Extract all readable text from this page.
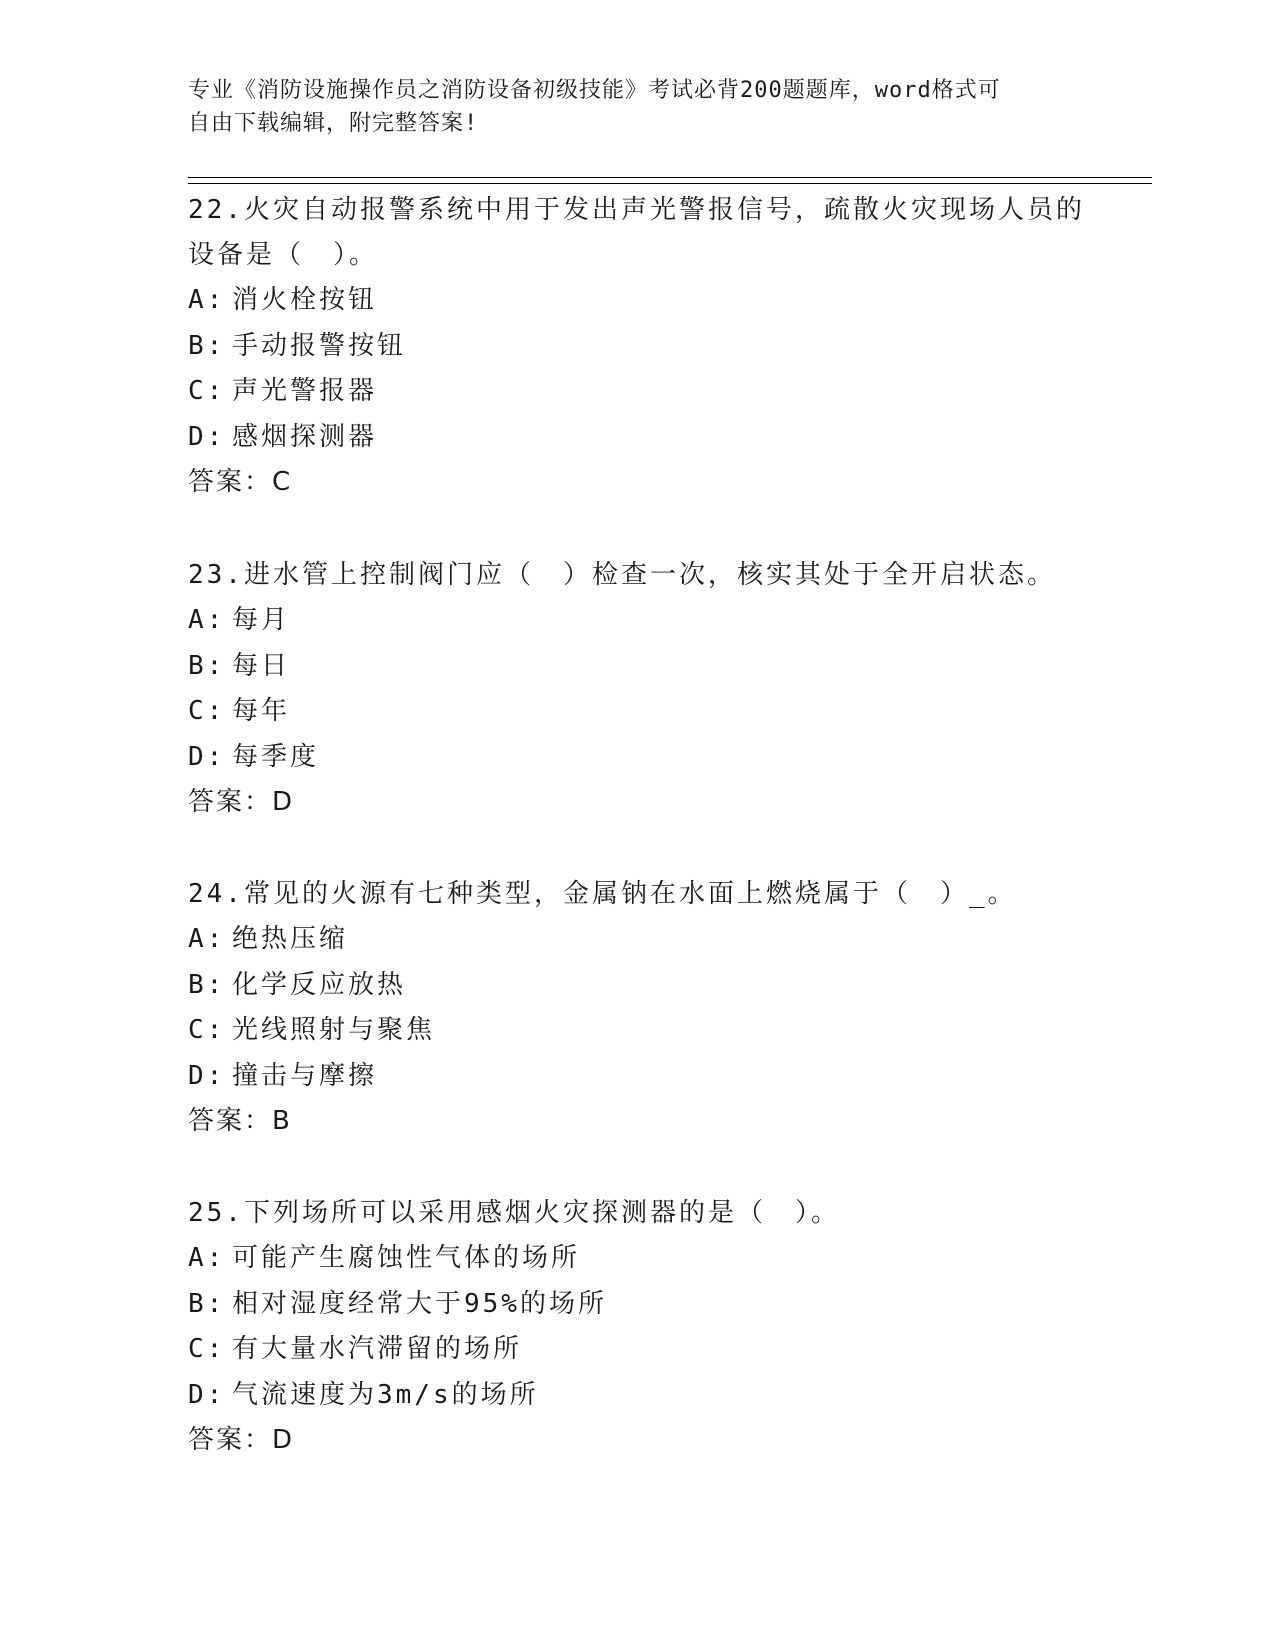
专业《消防设施操作员之消防设备初级技能》考试必背200题题库，word格式可
自由下载编辑，附完整答案!
22.火灾自动报警系统中用于发出声光警报信号，疏散火灾现场人员的
设备是（　）。
A: 消火栓按钮
B: 手动报警按钮
C: 声光警报器
D: 感烟探测器
答案：C
23.进水管上控制阀门应（　）检查一次，核实其处于全开启状态。
A: 每月
B: 每日
C: 每年
D: 每季度
答案：D
24.常见的火源有七种类型，金属钠在水面上燃烧属于（　）_。
A: 绝热压缩
B: 化学反应放热
C: 光线照射与聚焦
D: 撞击与摩擦
答案：B
25.下列场所可以采用感烟火灾探测器的是（　）。
A: 可能产生腐蚀性气体的场所
B: 相对湿度经常大于95%的场所
C: 有大量水汽滞留的场所
D: 气流速度为3m/s的场所
答案：D
